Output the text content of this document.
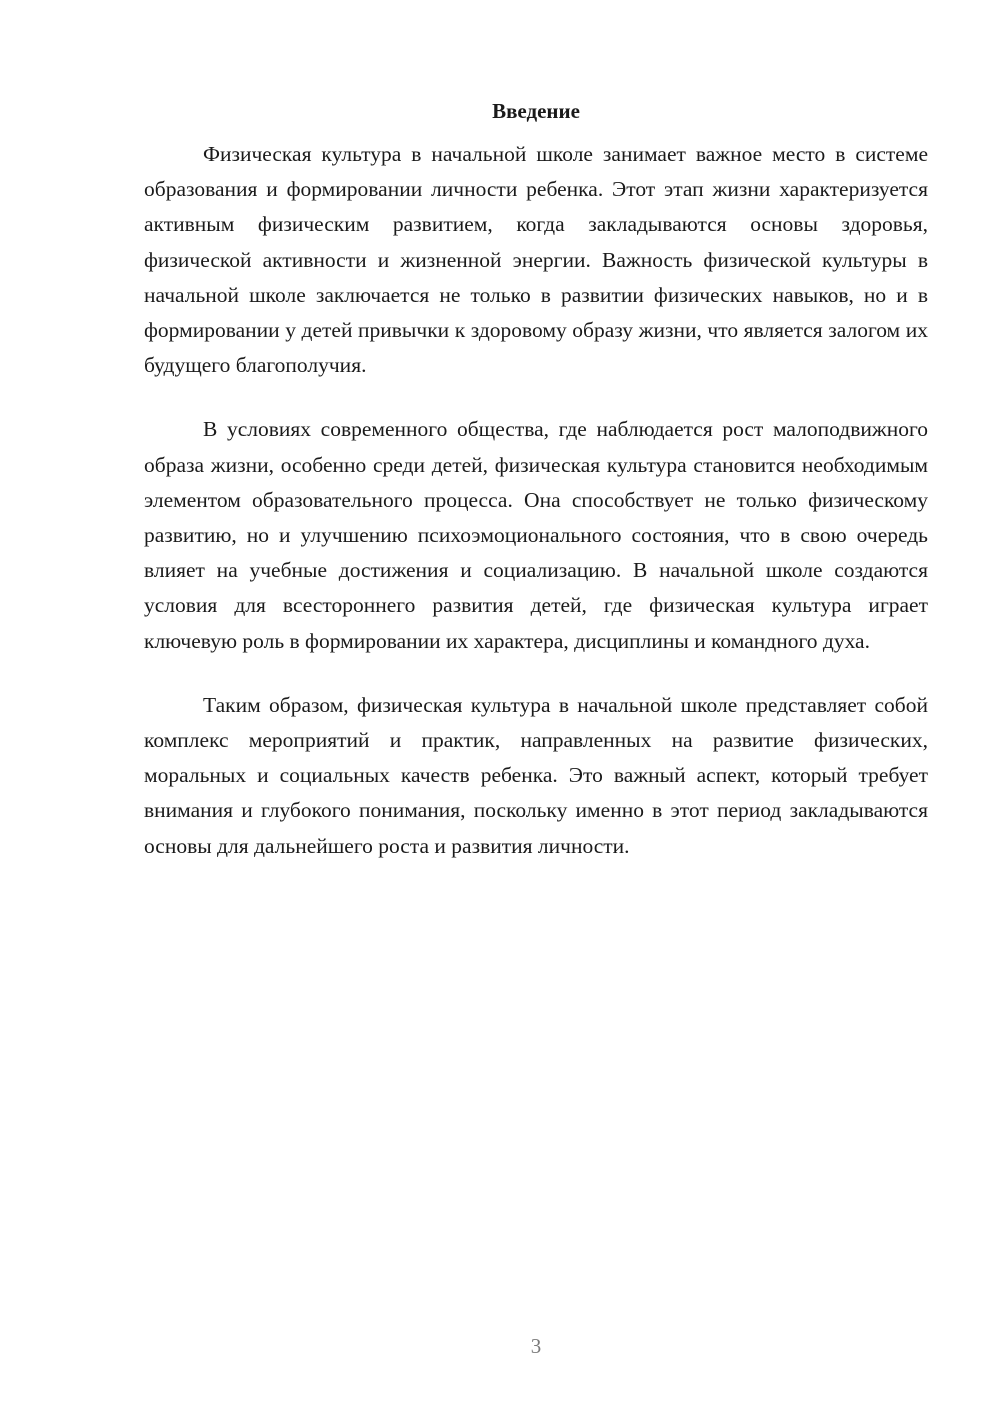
Введение

Физическая культура в начальной школе занимает важное место в системе образования и формировании личности ребенка. Этот этап жизни характеризуется активным физическим развитием, когда закладываются основы здоровья, физической активности и жизненной энергии. Важность физической культуры в начальной школе заключается не только в развитии физических навыков, но и в формировании у детей привычки к здоровому образу жизни, что является залогом их будущего благополучия.

В условиях современного общества, где наблюдается рост малоподвижного образа жизни, особенно среди детей, физическая культура становится необходимым элементом образовательного процесса. Она способствует не только физическому развитию, но и улучшению психоэмоционального состояния, что в свою очередь влияет на учебные достижения и социализацию. В начальной школе создаются условия для всестороннего развития детей, где физическая культура играет ключевую роль в формировании их характера, дисциплины и командного духа.

Таким образом, физическая культура в начальной школе представляет собой комплекс мероприятий и практик, направленных на развитие физических, моральных и социальных качеств ребенка. Это важный аспект, который требует внимания и глубокого понимания, поскольку именно в этот период закладываются основы для дальнейшего роста и развития личности.

3
